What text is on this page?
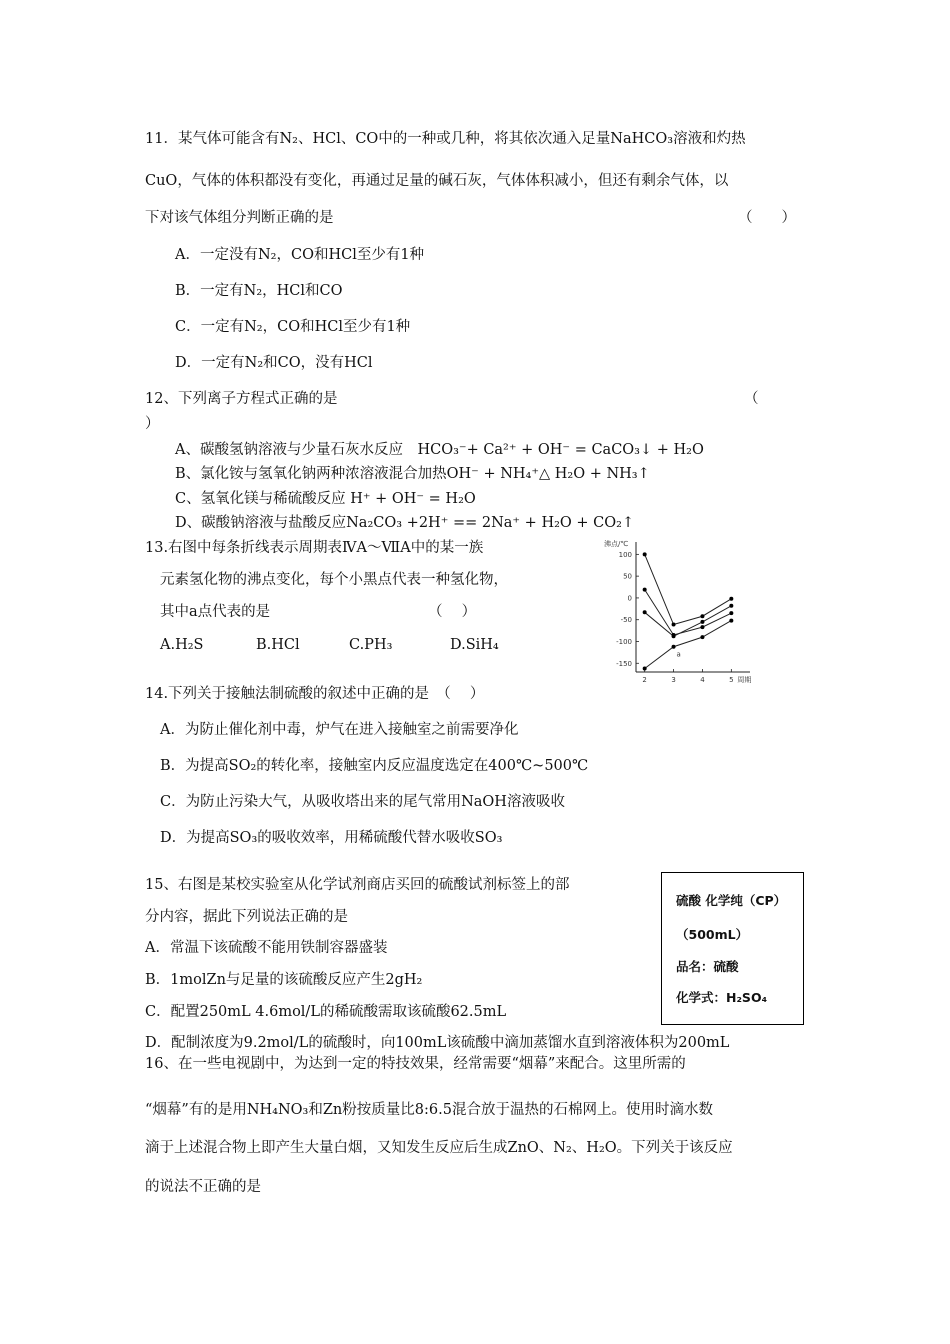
11．某气体可能含有N₂、HCl、CO中的一种或几种，将其依次通入足量NaHCO₃溶液和灼热
CuO，气体的体积都没有变化，再通过足量的碱石灰，气体体积减小，但还有剩余气体，以
下对该气体组分判断正确的是	（　　）
A．一定没有N₂，CO和HCl至少有1种
B．一定有N₂，HCl和CO
C．一定有N₂，CO和HCl至少有1种
D．一定有N₂和CO，没有HCl
12、下列离子方程式正确的是	（
）
A、碳酸氢钠溶液与少量石灰水反应　HCO₃⁻+ Ca²⁺ + OH⁻ = CaCO₃↓ + H₂O
B、氯化铵与氢氧化钠两种浓溶液混合加热OH⁻ + NH₄⁺△ H₂O + NH₃↑
C、氢氧化镁与稀硫酸反应 H⁺ + OH⁻ = H₂O
D、碳酸钠溶液与盐酸反应Na₂CO₃ +2H⁺ == 2Na⁺ + H₂O + CO₂↑
13.右图中每条折线表示周期表ⅣA～ⅦA中的某一族
元素氢化物的沸点变化，每个小黑点代表一种氢化物，
其中a点代表的是	（　 ）
A.H₂S	B.HCl	C.PH₃	D.SiH₄
沸点/℃
100
50
0
-50
-100
-150
2	3	4	5 周期
a
14.下列关于接触法制硫酸的叙述中正确的是　（　 ）
A．为防止催化剂中毒，炉气在进入接触室之前需要净化
B．为提高SO₂的转化率，接触室内反应温度选定在400℃~500℃
C．为防止污染大气，从吸收塔出来的尾气常用NaOH溶液吸收
D．为提高SO₃的吸收效率，用稀硫酸代替水吸收SO₃
15、右图是某校实验室从化学试剂商店买回的硫酸试剂标签上的部
分内容，据此下列说法正确的是
A．常温下该硫酸不能用铁制容器盛装
B．1molZn与足量的该硫酸反应产生2gH₂
C．配置250mL 4.6mol/L的稀硫酸需取该硫酸62.5mL
D．配制浓度为9.2mol/L的硫酸时，向100mL该硫酸中滴加蒸馏水直到溶液体积为200mL
硫酸 化学纯（CP）
（500mL）
品名：硫酸
化学式：H₂SO₄
16、在一些电视剧中，为达到一定的特技效果，经常需要“烟幕”来配合。这里所需的
“烟幕”有的是用NH₄NO₃和Zn粉按质量比8:6.5混合放于温热的石棉网上。使用时滴水数
滴于上述混合物上即产生大量白烟，又知发生反应后生成ZnO、N₂、H₂O。下列关于该反应
的说法不正确的是
